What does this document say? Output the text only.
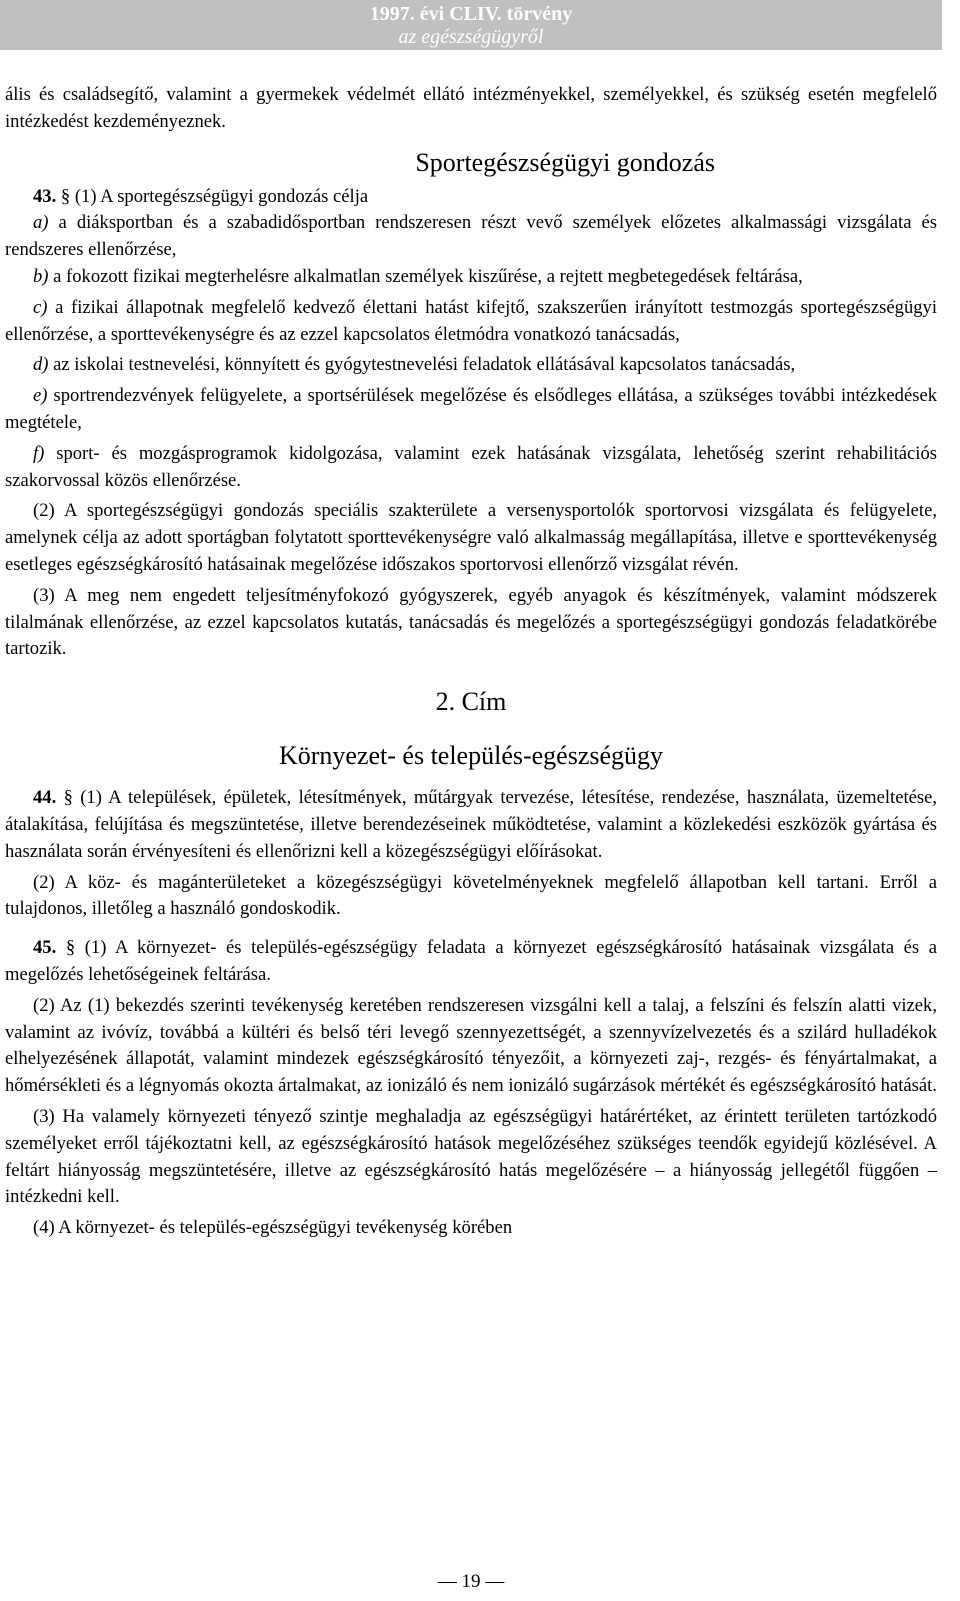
1997. évi CLIV. törvény
az egészségügyről

ális és családsegítő, valamint a gyermekek védelmét ellátó intézményekkel, személyekkel, és szükség esetén megfelelő intézkedést kezdeményeznek.

Sportegészségügyi gondozás

43. § (1) A sportegészségügyi gondozás célja

a) a diáksportban és a szabadidősportban rendszeresen részt vevő személyek előzetes alkalmassági vizsgálata és rendszeres ellenőrzése,

b) a fokozott fizikai megterhelésre alkalmatlan személyek kiszűrése, a rejtett megbetegedések feltárása,

c) a fizikai állapotnak megfelelő kedvező élettani hatást kifejtő, szakszerűen irányított testmozgás sportegészségügyi ellenőrzése, a sporttevékenységre és az ezzel kapcsolatos életmódra vonatkozó tanácsadás,

d) az iskolai testnevelési, könnyített és gyógytestnevelési feladatok ellátásával kapcsolatos tanácsadás,

e) sportrendezvények felügyelete, a sportsérülések megelőzése és elsődleges ellátása, a szükséges további intézkedések megtétele,

f) sport- és mozgásprogramok kidolgozása, valamint ezek hatásának vizsgálata, lehetőség szerint rehabilitációs szakorvossal közös ellenőrzése.

(2) A sportegészségügyi gondozás speciális szakterülete a versenysportolók sportorvosi vizsgálata és felügyelete, amelynek célja az adott sportágban folytatott sporttevékenységre való alkalmasság megállapítása, illetve e sporttevékenység esetleges egészségkárosító hatásainak megelőzése időszakos sportorvosi ellenőrző vizsgálat révén.

(3) A meg nem engedett teljesítményfokozó gyógyszerek, egyéb anyagok és készítmények, valamint módszerek tilalmának ellenőrzése, az ezzel kapcsolatos kutatás, tanácsadás és megelőzés a sportegészségügyi gondozás feladatkörébe tartozik.

2. Cím
Környezet- és település-egészségügy

44. § (1) A települések, épületek, létesítmények, műtárgyak tervezése, létesítése, rendezése, használata, üzemeltetése, átalakítása, felújítása és megszüntetése, illetve berendezéseinek működtetése, valamint a közlekedési eszközök gyártása és használata során érvényesíteni és ellenőrizni kell a közegészségügyi előírásokat.

(2) A köz- és magánterületeket a közegészségügyi követelményeknek megfelelő állapotban kell tartani. Erről a tulajdonos, illetőleg a használó gondoskodik.

45. § (1) A környezet- és település-egészségügy feladata a környezet egészségkárosító hatásainak vizsgálata és a megelőzés lehetőségeinek feltárása.

(2) Az (1) bekezdés szerinti tevékenység keretében rendszeresen vizsgálni kell a talaj, a felszíni és felszín alatti vizek, valamint az ivóvíz, továbbá a kültéri és belső téri levegő szennyezettségét, a szennyvízelvezetés és a szilárd hulladékok elhelyezésének állapotát, valamint mindezek egészségkárosító tényezőit, a környezeti zaj-, rezgés- és fényártalmakat, a hőmérsékleti és a légnyomás okozta ártalmakat, az ionizáló és nem ionizáló sugárzások mértékét és egészségkárosító hatását.

(3) Ha valamely környezeti tényező szintje meghaladja az egészségügyi határértéket, az érintett területen tartózkodó személyeket erről tájékoztatni kell, az egészségkárosító hatások megelőzéséhez szükséges teendők egyidejű közlésével. A feltárt hiányosság megszüntetésére, illetve az egészségkárosító hatás megelőzésére – a hiányosság jellegétől függően – intézkedni kell.

(4) A környezet- és település-egészségügyi tevékenység körében

— 19 —
